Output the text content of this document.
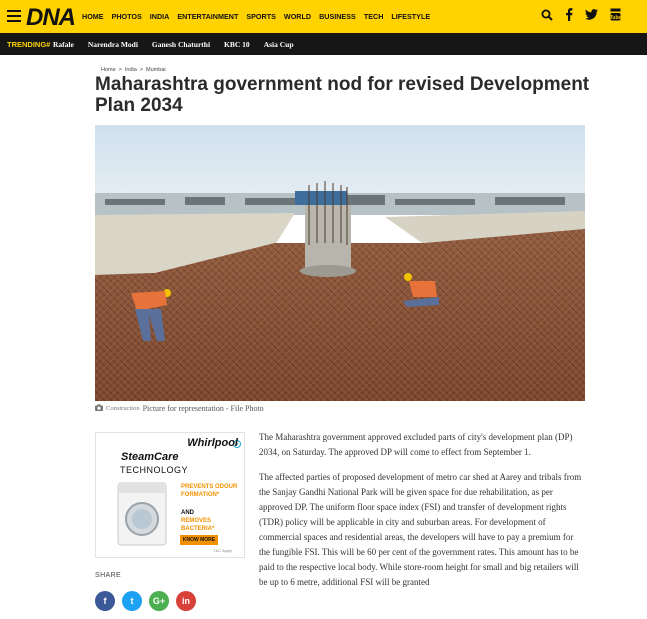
DNA HOME PHOTOS INDIA ENTERTAINMENT SPORTS WORLD BUSINESS TECH LIFESTYLE	Tube
TRENDING# Rafale Narendra Modi Ganesh Chaturthi KBC 10 Asia Cup
Home > India > Mumbai
Maharashtra government nod for revised Development Plan 2034
Construction Picture for representation - File Photo
Whirlpool
SteamCare
TECHNOLOGY
PREVENTS ODOUR FORMATION*
AND
REMOVES BACTERIA*
KNOW MORE
T&C Apply
SHARE
f	t	G+	in

The Maharashtra government approved excluded parts of city's development plan (DP) 2034, on Saturday. The approved DP will come to effect from September 1.

The affected parties of proposed development of metro car shed at Aarey and tribals from the Sanjay Gandhi National Park will be given space for due rehabilitation, as per approved DP. The uniform floor space index (FSI) and transfer of development rights (TDR) policy will be applicable in city and suburban areas. For development of commercial spaces and residential areas, the developers will have to pay a premium for the fungible FSI. This will be 60 per cent of the government rates. This amount has to be paid to the respective local body. While store-room height for small and big retailers will be up to 6 metre, additional FSI will be granted
